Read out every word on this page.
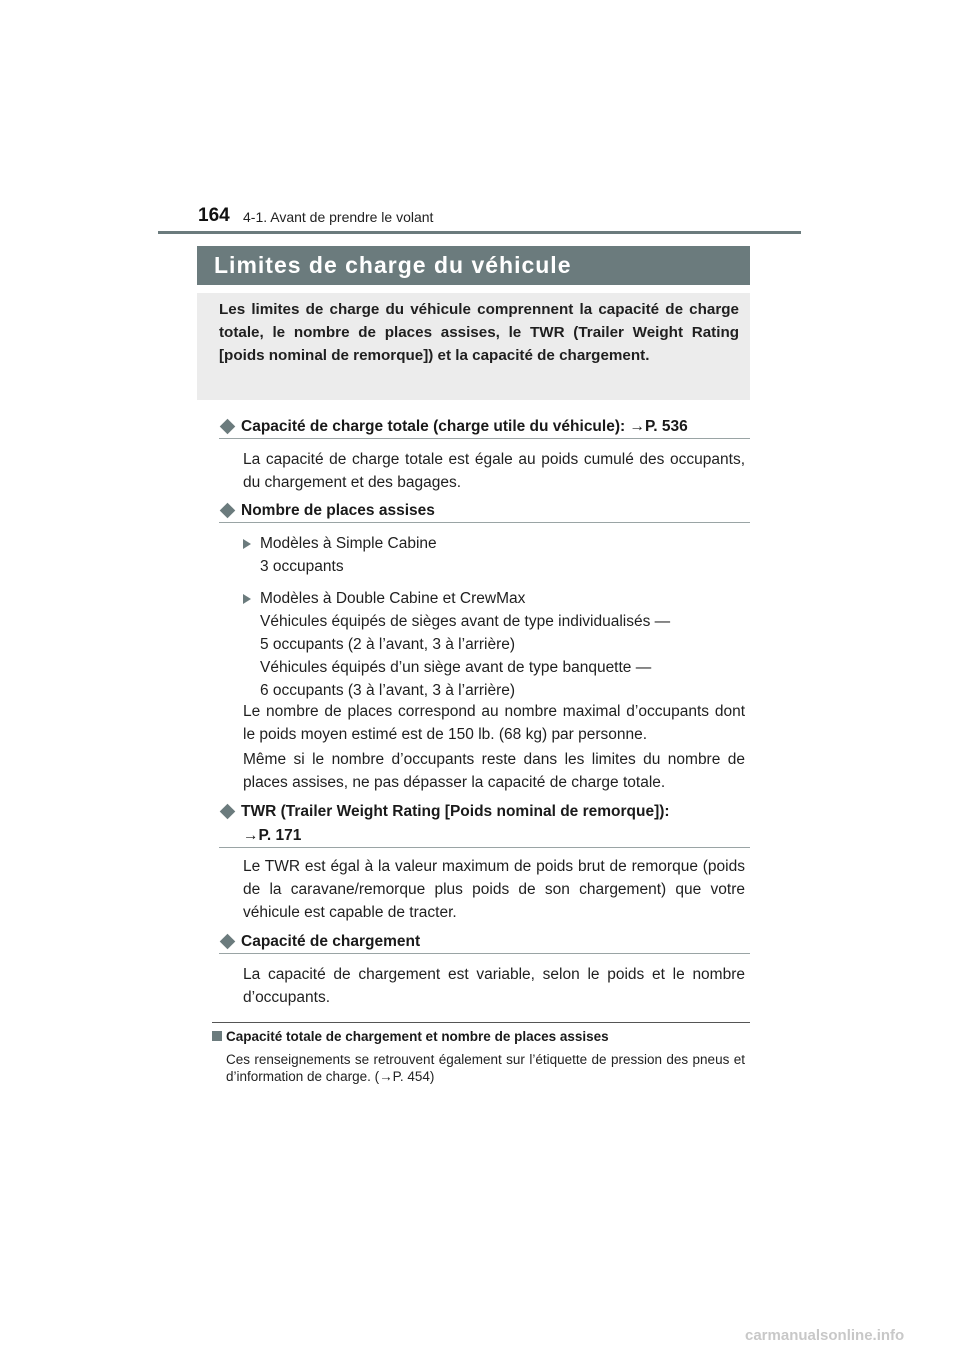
164 4-1. Avant de prendre le volant
Limites de charge du véhicule
Les limites de charge du véhicule comprennent la capacité de charge totale, le nombre de places assises, le TWR (Trailer Weight Rating [poids nominal de remorque]) et la capacité de chargement.
Capacité de charge totale (charge utile du véhicule): →P. 536
La capacité de charge totale est égale au poids cumulé des occupants, du chargement et des bagages.
Nombre de places assises
Modèles à Simple Cabine
3 occupants
Modèles à Double Cabine et CrewMax
Véhicules équipés de sièges avant de type individualisés —
5 occupants (2 à l’avant, 3 à l’arrière)
Véhicules équipés d’un siège avant de type banquette —
6 occupants (3 à l’avant, 3 à l’arrière)
Le nombre de places correspond au nombre maximal d’occupants dont le poids moyen estimé est de 150 lb. (68 kg) par personne.
Même si le nombre d’occupants reste dans les limites du nombre de places assises, ne pas dépasser la capacité de charge totale.
TWR (Trailer Weight Rating [Poids nominal de remorque]):
→P. 171
Le TWR est égal à la valeur maximum de poids brut de remorque (poids de la caravane/remorque plus poids de son chargement) que votre véhicule est capable de tracter.
Capacité de chargement
La capacité de chargement est variable, selon le poids et le nombre d’occupants.
Capacité totale de chargement et nombre de places assises
Ces renseignements se retrouvent également sur l’étiquette de pression des pneus et d’information de charge. (→P. 454)
carmanualsonline.info
